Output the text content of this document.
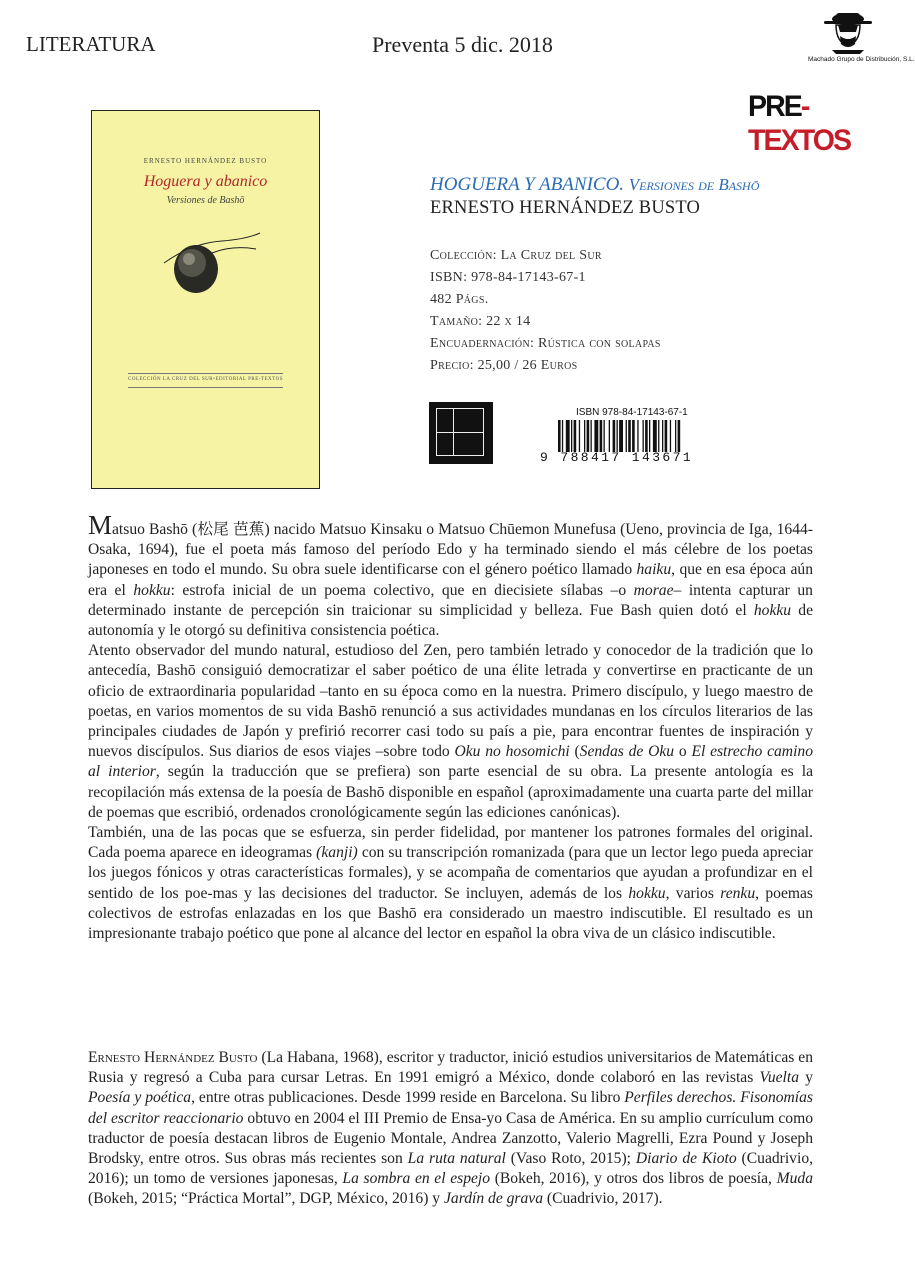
LITERATURA	Preventa 5 dic. 2018
Machado Grupo de Distribución, S.L.
PRE-TEXTOS
ERNESTO HERNÁNDEZ BUSTO
Hoguera y abanico
Versiones de Bashō
COLECCIÓN LA CRUZ DEL SUR • EDITORIAL PRE-TEXTOS
HOGUERA Y ABANICO. Versiones de Bashō
ERNESTO HERNÁNDEZ BUSTO
Colección: La Cruz del Sur
ISBN: 978-84-17143-67-1
482 Págs.
Tamaño: 22 x 14
Encuadernación: Rústica con solapas
Precio: 25,00 / 26 Euros
ISBN 978-84-17143-67-1
9 788417 143671

Matsuo Bashō (松尾 芭蕉) nacido Matsuo Kinsaku o Matsuo Chūemon Munefusa (Ueno, provincia de Iga, 1644-Osaka, 1694), fue el poeta más famoso del período Edo y ha terminado siendo el más célebre de los poetas japoneses en todo el mundo. Su obra suele identificarse con el género poético llamado haiku, que en esa época aún era el hokku: estrofa inicial de un poema colectivo, que en diecisiete sílabas –o morae– intenta capturar un determinado instante de percepción sin traicionar su simplicidad y belleza. Fue Bash quien dotó el hokku de autonomía y le otorgó su definitiva consistencia poética.

Atento observador del mundo natural, estudioso del Zen, pero también letrado y conocedor de la tradición que lo antecedía, Bashō consiguió democratizar el saber poético de una élite letrada y convertirse en practicante de un oficio de extraordinaria popularidad –tanto en su época como en la nuestra. Primero discípulo, y luego maestro de poetas, en varios momentos de su vida Bashō renunció a sus actividades mundanas en los círculos literarios de las principales ciudades de Japón y prefirió recorrer casi todo su país a pie, para encontrar fuentes de inspiración y nuevos discípulos. Sus diarios de esos viajes –sobre todo Oku no hosomichi (Sendas de Oku o El estrecho camino al interior, según la traducción que se prefiera) son parte esencial de su obra. La presente antología es la recopilación más extensa de la poesía de Bashō disponible en español (aproximadamente una cuarta parte del millar de poemas que escribió, ordenados cronológicamente según las ediciones canónicas).

También, una de las pocas que se esfuerza, sin perder fidelidad, por mantener los patrones formales del original. Cada poema aparece en ideogramas (kanji) con su transcripción romanizada (para que un lector lego pueda apreciar los juegos fónicos y otras características formales), y se acompaña de comentarios que ayudan a profundizar en el sentido de los poe-mas y las decisiones del traductor. Se incluyen, además de los hokku, varios renku, poemas colectivos de estrofas enlazadas en los que Bashō era considerado un maestro indiscutible. El resultado es un impresionante trabajo poético que pone al alcance del lector en español la obra viva de un clásico indiscutible.

Ernesto Hernández Busto (La Habana, 1968), escritor y traductor, inició estudios universitarios de Matemáticas en Rusia y regresó a Cuba para cursar Letras. En 1991 emigró a México, donde colaboró en las revistas Vuelta y Poesía y poética, entre otras publicaciones. Desde 1999 reside en Barcelona. Su libro Perfiles derechos. Fisonomías del escritor reaccionario obtuvo en 2004 el III Premio de Ensa-yo Casa de América. En su amplio currículum como traductor de poesía destacan libros de Eugenio Montale, Andrea Zanzotto, Valerio Magrelli, Ezra Pound y Joseph Brodsky, entre otros. Sus obras más recientes son La ruta natural (Vaso Roto, 2015); Diario de Kioto (Cuadrivio, 2016); un tomo de versiones japonesas, La sombra en el espejo (Bokeh, 2016), y otros dos libros de poesía, Muda (Bokeh, 2015; “Práctica Mortal”, DGP, México, 2016) y Jardín de grava (Cuadrivio, 2017).
